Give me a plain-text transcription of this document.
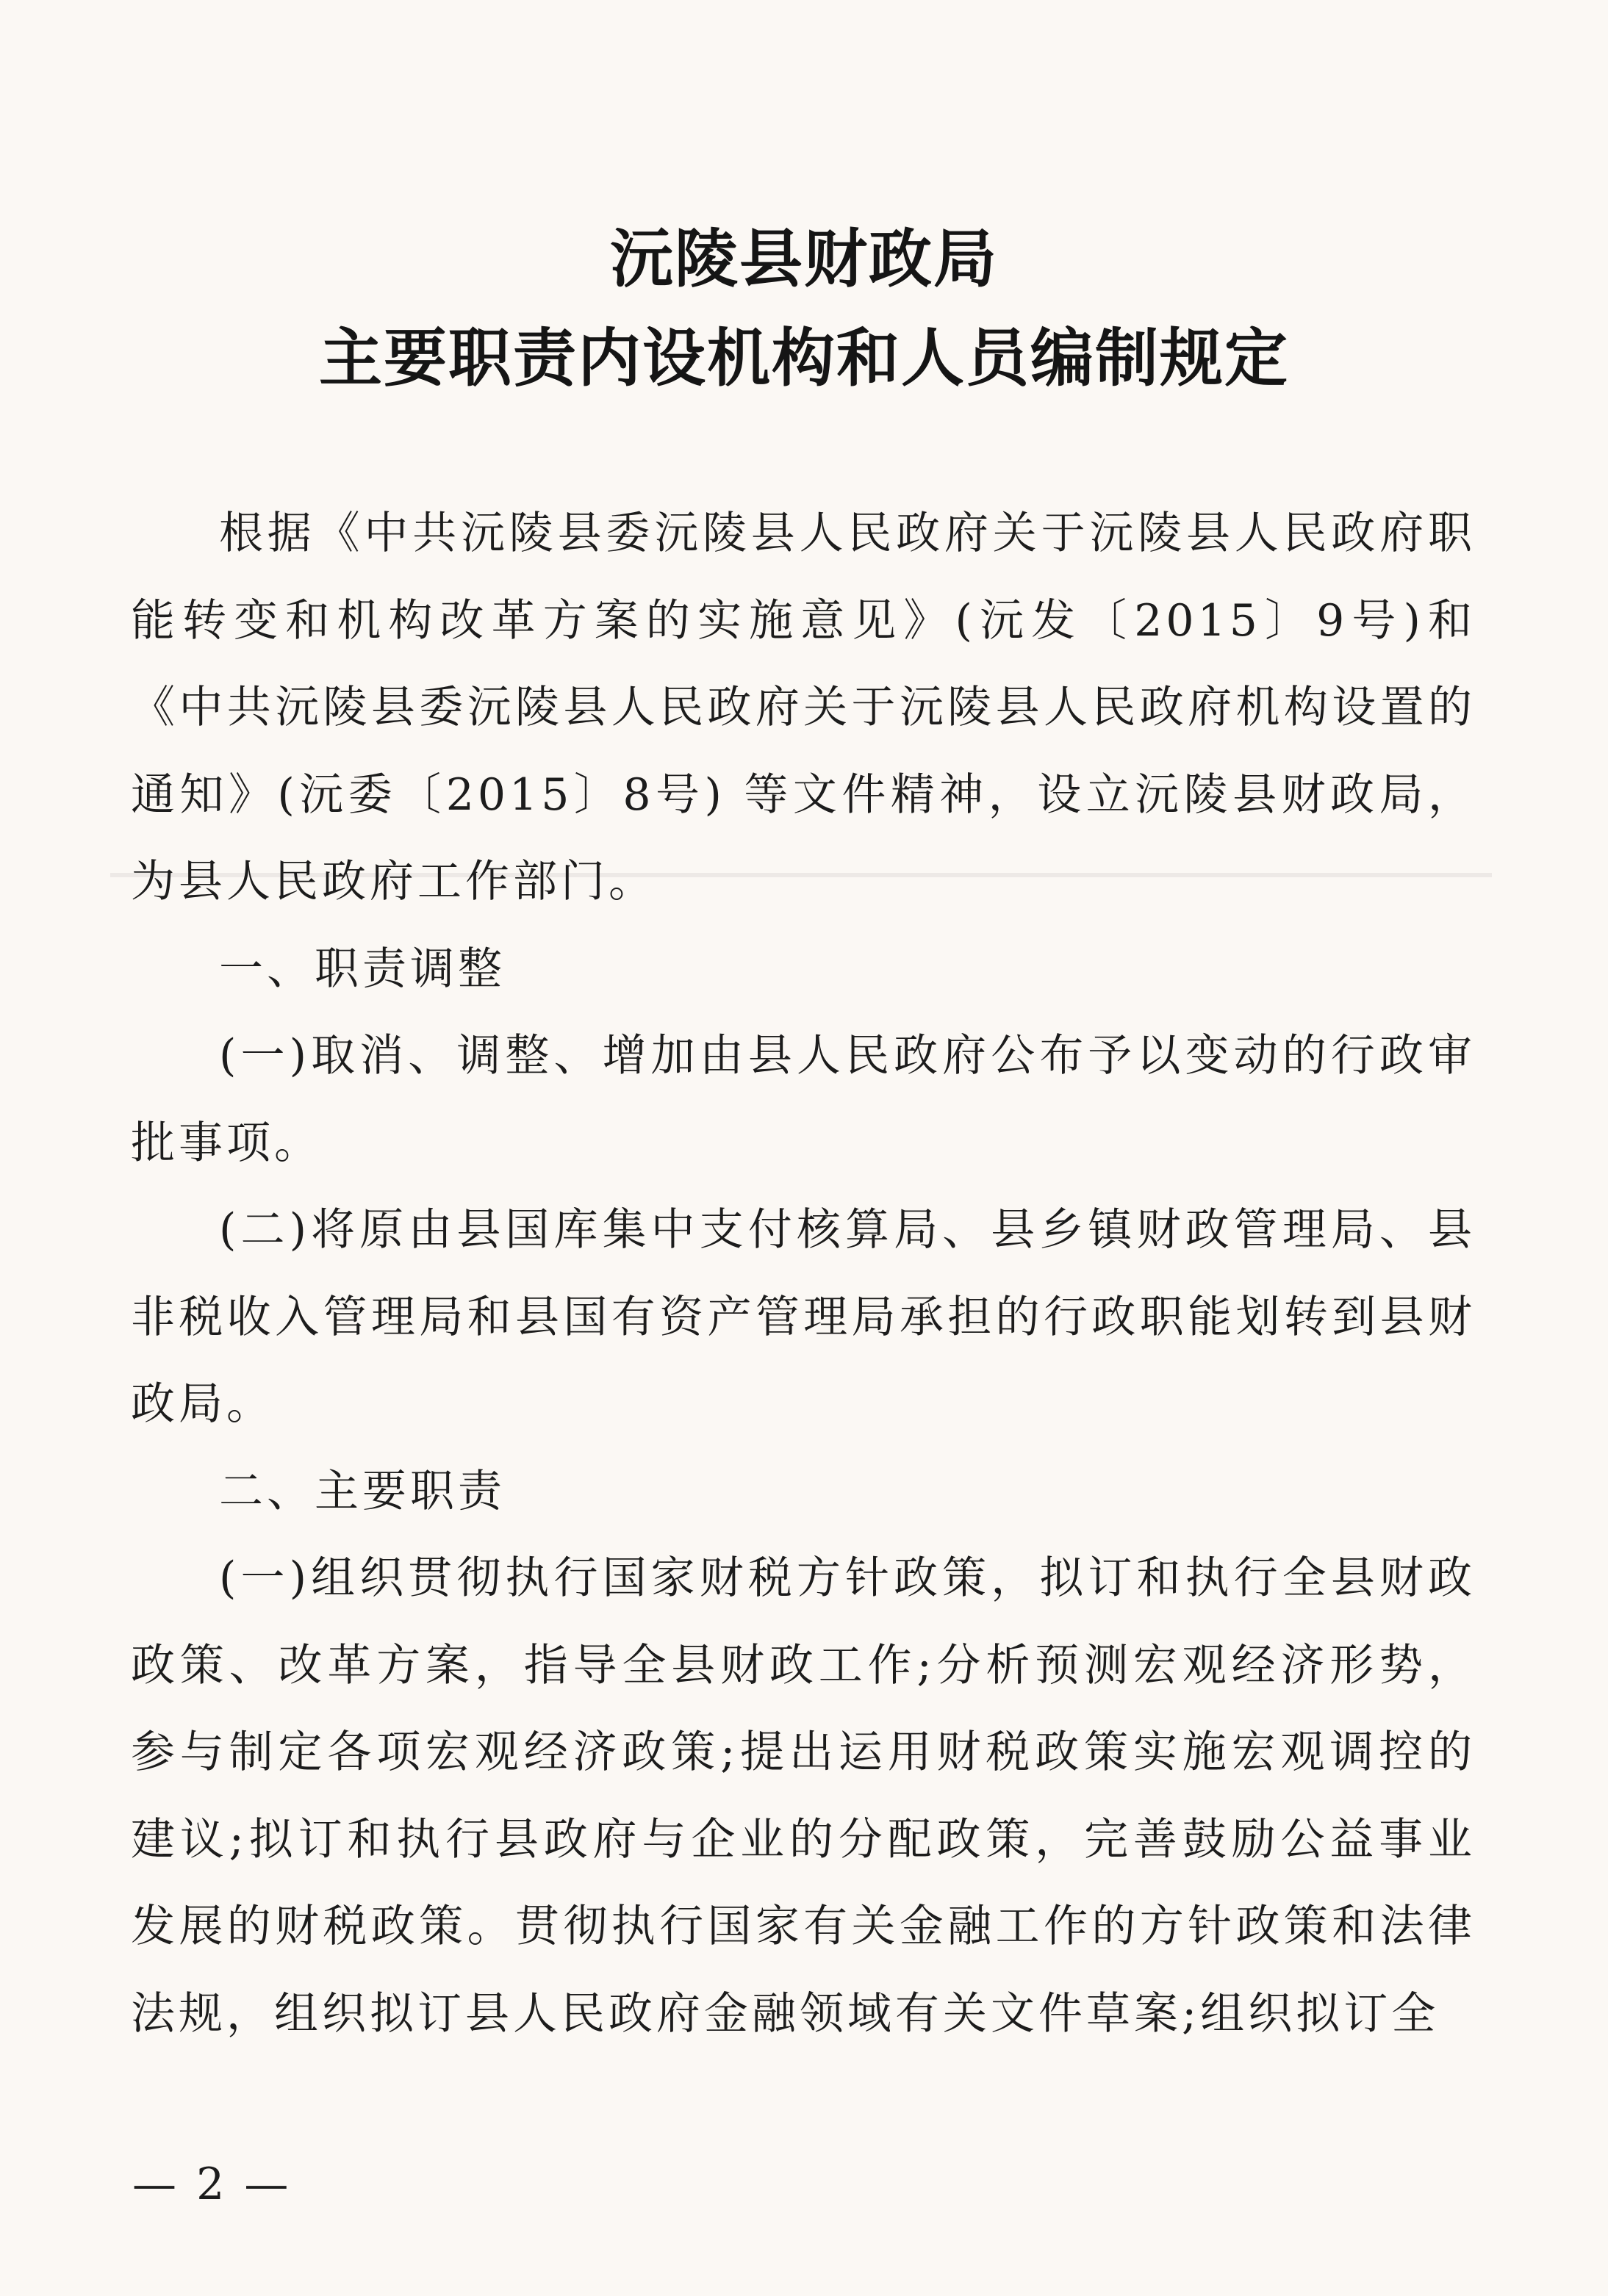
沅陵县财政局
主要职责内设机构和人员编制规定

根据《中共沅陵县委沅陵县人民政府关于沅陵县人民政府职能转变和机构改革方案的实施意见》(沅发〔2015〕9号)和《中共沅陵县委沅陵县人民政府关于沅陵县人民政府机构设置的通知》(沅委〔2015〕8号) 等文件精神，设立沅陵县财政局，为县人民政府工作部门。

一、职责调整

(一)取消、调整、增加由县人民政府公布予以变动的行政审批事项。

(二)将原由县国库集中支付核算局、县乡镇财政管理局、县非税收入管理局和县国有资产管理局承担的行政职能划转到县财政局。

二、主要职责

(一)组织贯彻执行国家财税方针政策，拟订和执行全县财政政策、改革方案，指导全县财政工作;分析预测宏观经济形势，参与制定各项宏观经济政策;提出运用财税政策实施宏观调控的建议;拟订和执行县政府与企业的分配政策，完善鼓励公益事业发展的财税政策。贯彻执行国家有关金融工作的方针政策和法律法规，组织拟订县人民政府金融领域有关文件草案;组织拟订全

— 2 —
